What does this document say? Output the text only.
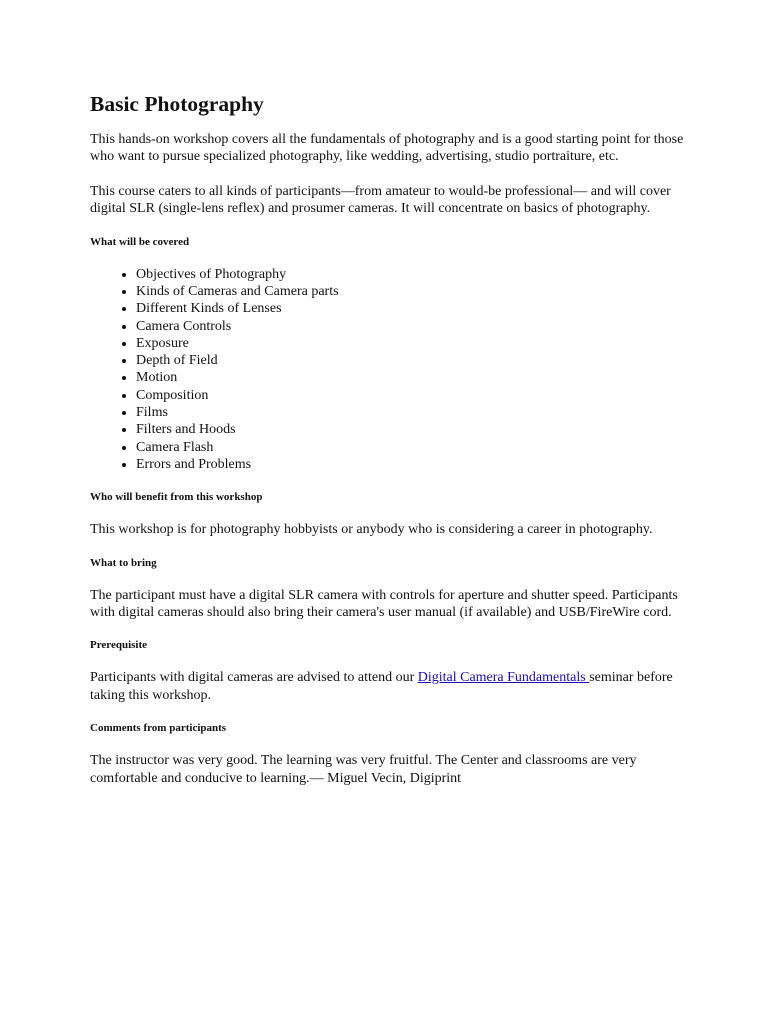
Basic Photography

This hands-on workshop covers all the fundamentals of photography and is a good starting point for those who want to pursue specialized photography, like wedding, advertising, studio portraiture, etc.

This course caters to all kinds of participants—from amateur to would-be professional— and will cover digital SLR (single-lens reflex) and prosumer cameras. It will concentrate on basics of photography.

What will be covered
• Objectives of Photography
• Kinds of Cameras and Camera parts
• Different Kinds of Lenses
• Camera Controls
• Exposure
• Depth of Field
• Motion
• Composition
• Films
• Filters and Hoods
• Camera Flash
• Errors and Problems
Who will benefit from this workshop

This workshop is for photography hobbyists or anybody who is considering a career in photography.

What to bring

The participant must have a digital SLR camera with controls for aperture and shutter speed. Participants with digital cameras should also bring their camera's user manual (if available) and USB/FireWire cord.

Prerequisite

Participants with digital cameras are advised to attend our Digital Camera Fundamentals seminar before taking this workshop.

Comments from participants

The instructor was very good. The learning was very fruitful. The Center and classrooms are very comfortable and conducive to learning.— Miguel Vecin, Digiprint
